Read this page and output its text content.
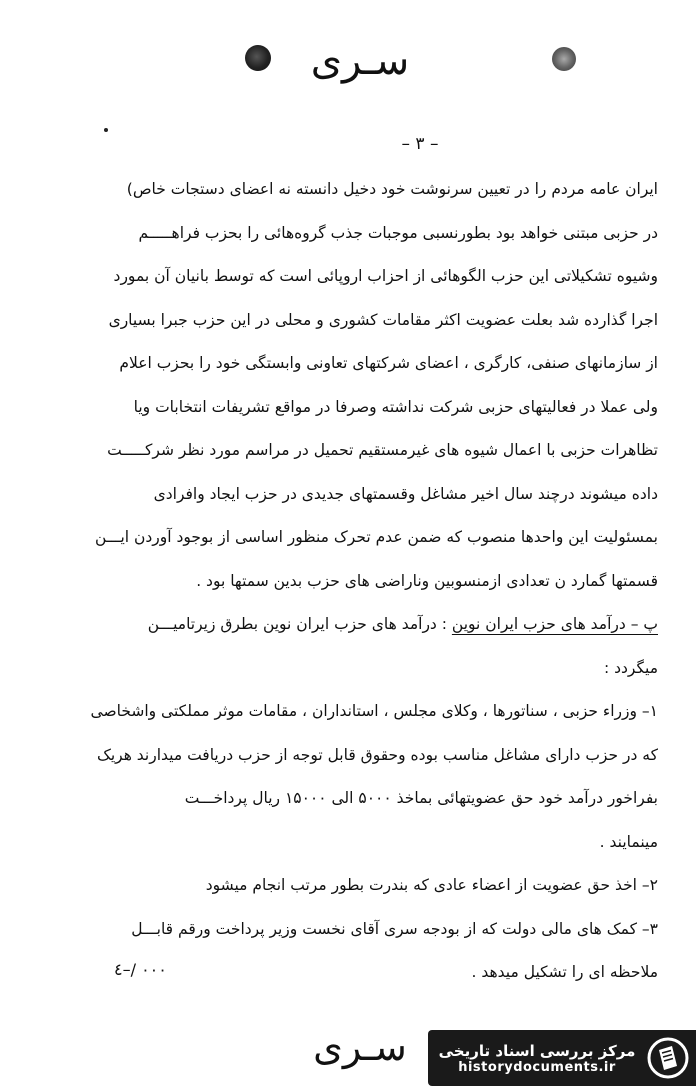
سـری
– ۳ –

ایران عامه مردم را در تعیین سرنوشت خود دخیل دانسته نه اعضای دستجات خاص)

در حزبی مبتنی خواهد بود بطورنسبی موجبات جذب گروه‌هائی را بحزب فراهـــــم

وشیوه تشکیلاتی این حزب الگوهائی از احزاب اروپائی است که توسط بانیان آن بمورد

اجرا گذارده شد بعلت عضویت اکثر مقامات کشوری و محلی در این حزب جبرا بسیاری

از سازمانهای صنفی، کارگری ، اعضای شرکتهای تعاونی وابستگی خود را بحزب اعلام

ولی عملا در فعالیتهای حزبی شرکت نداشته وصرفا در مواقع تشریفات انتخابات ویا

تظاهرات حزبی با اعمال شیوه های غیرمستقیم تحمیل در مراسم مورد نظر شرکـــــت

داده میشوند درچند سال اخیر مشاغل وقسمتهای جدیدی در حزب ایجاد وافرادی

بمسئولیت این واحدها منصوب که ضمن عدم تحرک منظور اساسی از بوجود آوردن ایـــن

قسمتها گمارد ن تعدادی ازمنسوبین وناراضی های حزب بدین سمتها بود .

پ – درآمد های حزب ایران نوین : درآمد های حزب ایران نوین بطرق زیرتامیـــن

میگردد :

۱– وزراء حزبی ، سناتورها ، وکلای مجلس ، استانداران ، مقامات موثر مملکتی واشخاصی

که در حزب دارای مشاغل مناسب بوده وحقوق قابل توجه از حزب دریافت میدارند هریک

بفراخور درآمد خود حق عضویتهائی بماخذ ۵۰۰۰ الی ۱۵۰۰۰ ریال پرداخـــت

مینمایند .

۲– اخذ حق عضویت از اعضاء عادی که بندرت بطور مرتب انجام میشود

۳– کمک های مالی دولت که از بودجه سری آقای نخست وزیر پرداخت ورقم قابـــل

ملاحظه ای را تشکیل میدهد .

٤–/ ۰۰۰
سـری	مرکز بررسی اسناد تاریخی
historydocuments.ir
